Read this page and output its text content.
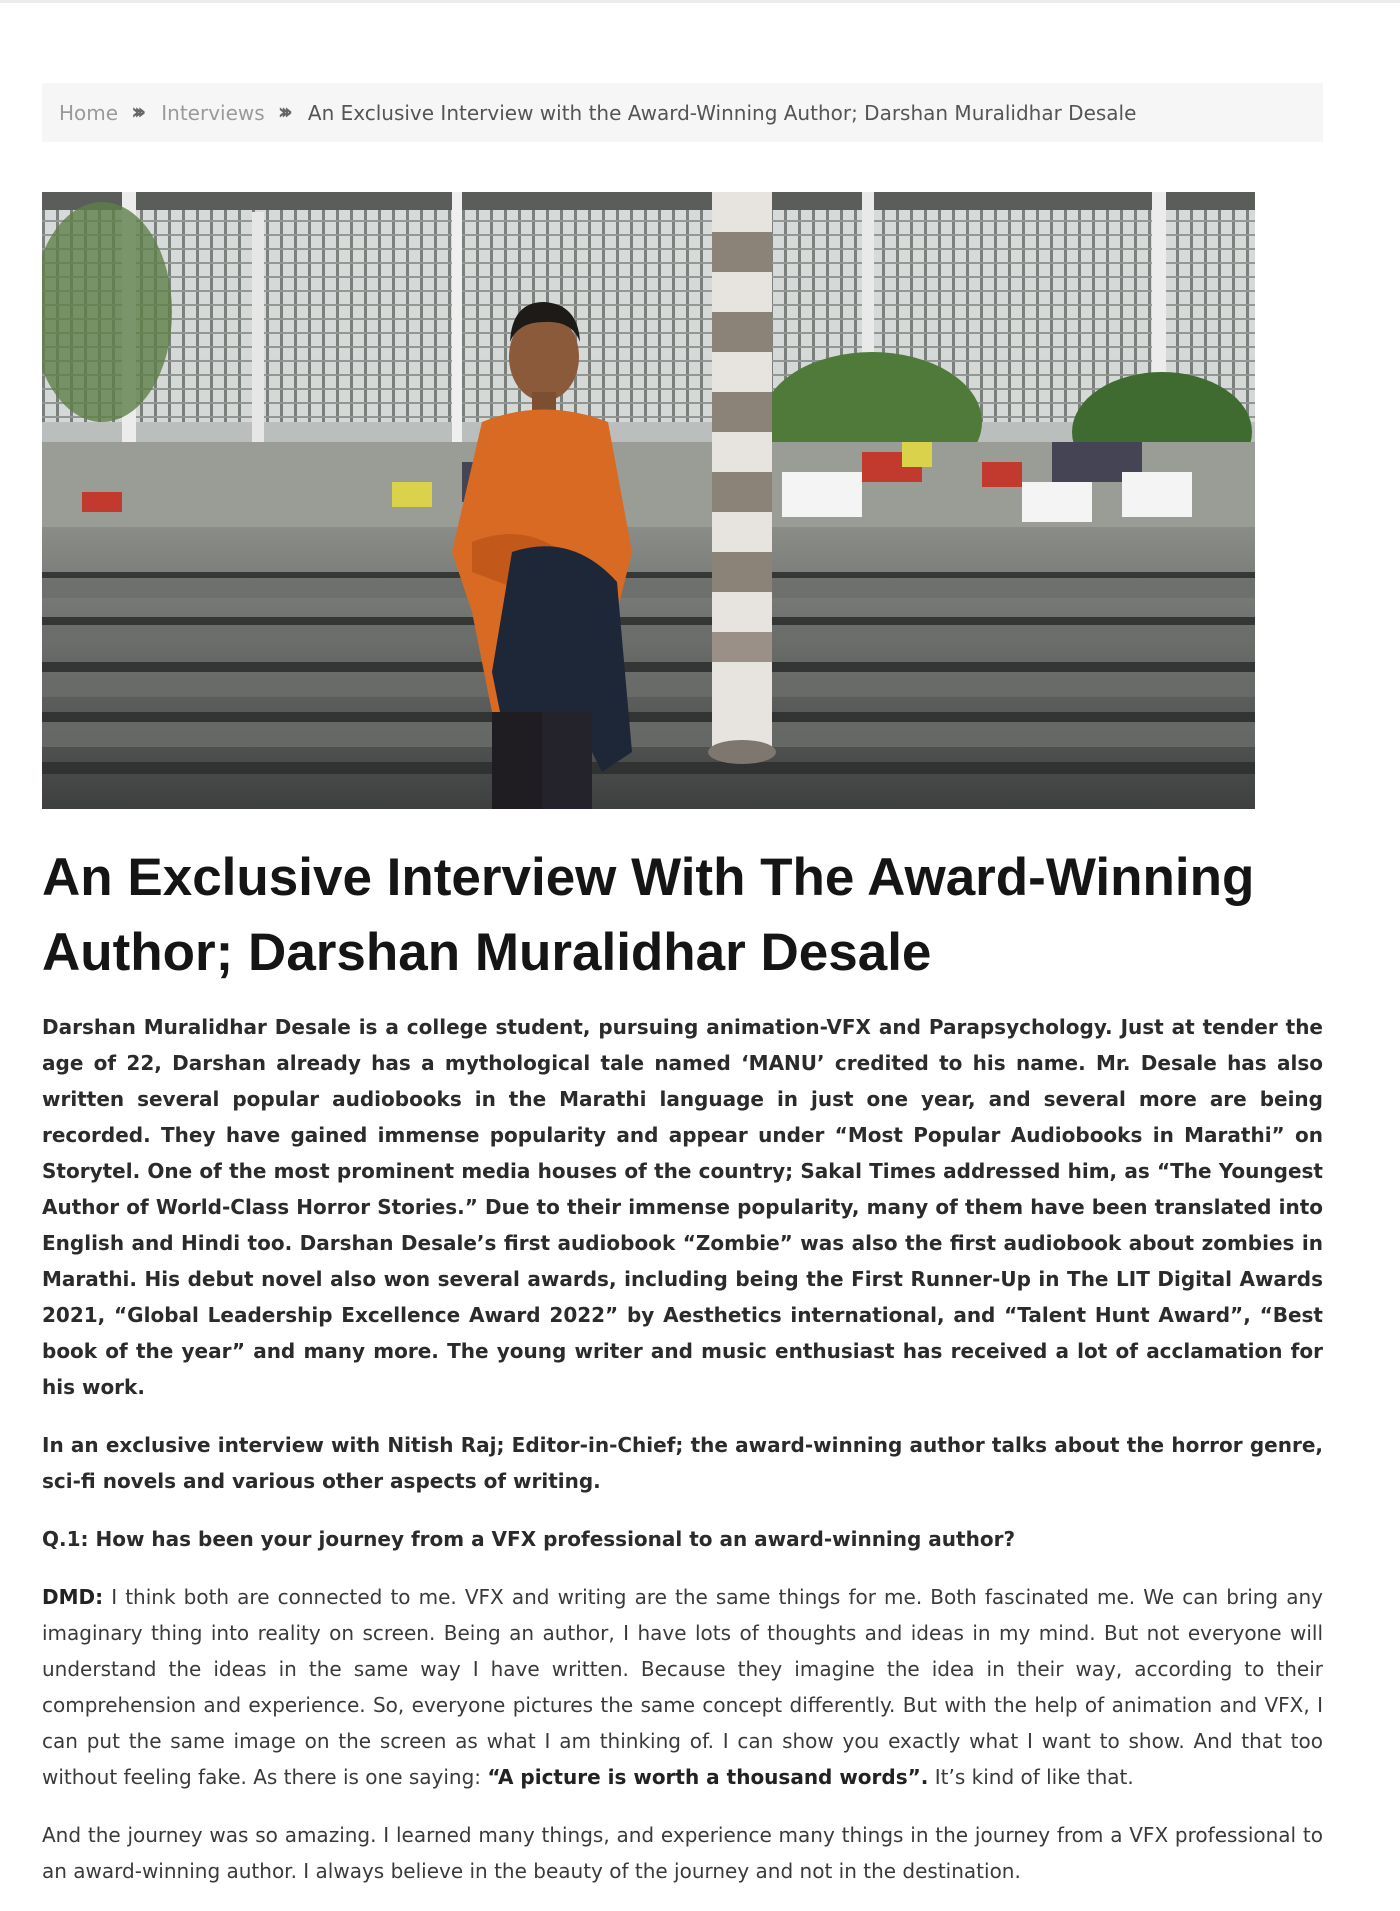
Home ›››	Interviews ›››	An Exclusive Interview with the Award-Winning Author; Darshan Muralidhar Desale
An Exclusive Interview With The Award-Winning Author; Darshan Muralidhar Desale

Darshan Muralidhar Desale is a college student, pursuing animation-VFX and Parapsychology. Just at tender the age of 22, Darshan already has a mythological tale named ‘MANU’ credited to his name. Mr. Desale has also written several popular audiobooks in the Marathi language in just one year, and several more are being recorded. They have gained immense popularity and appear under “Most Popular Audiobooks in Marathi” on Storytel. One of the most prominent media houses of the country; Sakal Times addressed him, as “The Youngest Author of World-Class Horror Stories.” Due to their immense popularity, many of them have been translated into English and Hindi too. Darshan Desale’s first audiobook “Zombie” was also the first audiobook about zombies in Marathi. His debut novel also won several awards, including being the First Runner-Up in The LIT Digital Awards 2021, “Global Leadership Excellence Award 2022” by Aesthetics international, and “Talent Hunt Award”, “Best book of the year” and many more. The young writer and music enthusiast has received a lot of acclamation for his work.

In an exclusive interview with Nitish Raj; Editor-in-Chief; the award-winning author talks about the horror genre, sci-fi novels and various other aspects of writing.

Q.1: How has been your journey from a VFX professional to an award-winning author?

DMD: I think both are connected to me. VFX and writing are the same things for me. Both fascinated me. We can bring any imaginary thing into reality on screen. Being an author, I have lots of thoughts and ideas in my mind. But not everyone will understand the ideas in the same way I have written. Because they imagine the idea in their way, according to their comprehension and experience. So, everyone pictures the same concept differently. But with the help of animation and VFX, I can put the same image on the screen as what I am thinking of. I can show you exactly what I want to show. And that too without feeling fake. As there is one saying: “A picture is worth a thousand words”. It’s kind of like that.

And the journey was so amazing. I learned many things, and experience many things in the journey from a VFX professional to an award-winning author. I always believe in the beauty of the journey and not in the destination.
